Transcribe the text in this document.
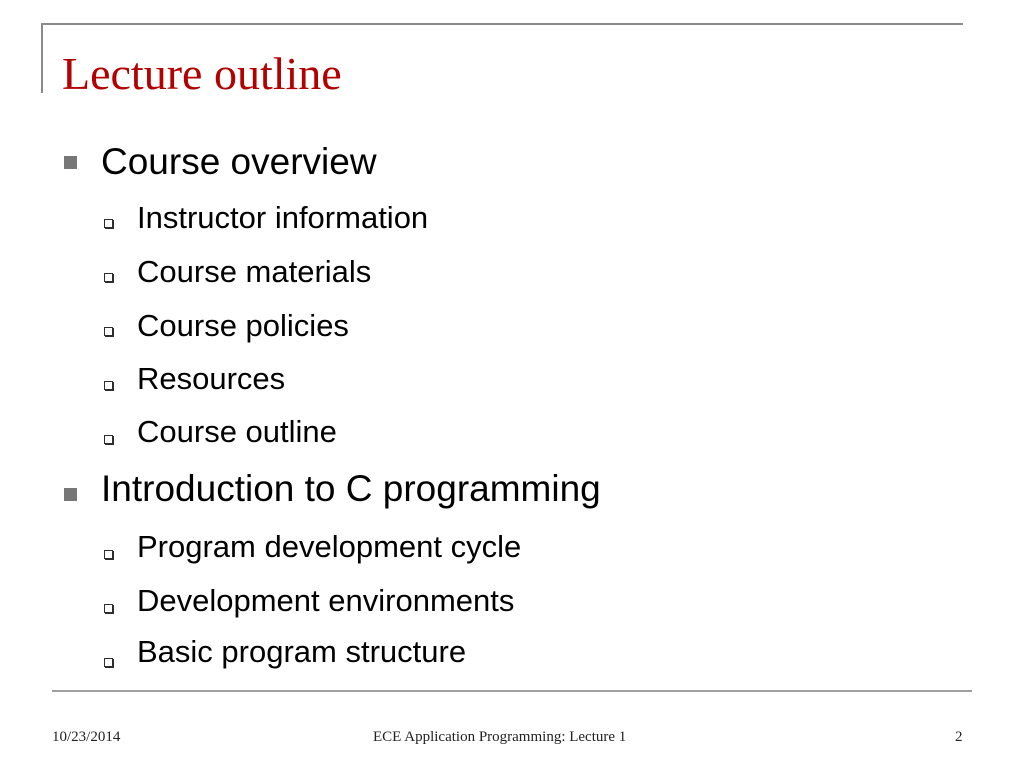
Lecture outline
Course overview
Instructor information
Course materials
Course policies
Resources
Course outline
Introduction to C programming
Program development cycle
Development environments
Basic program structure
10/23/2014	ECE Application Programming: Lecture 1	2
